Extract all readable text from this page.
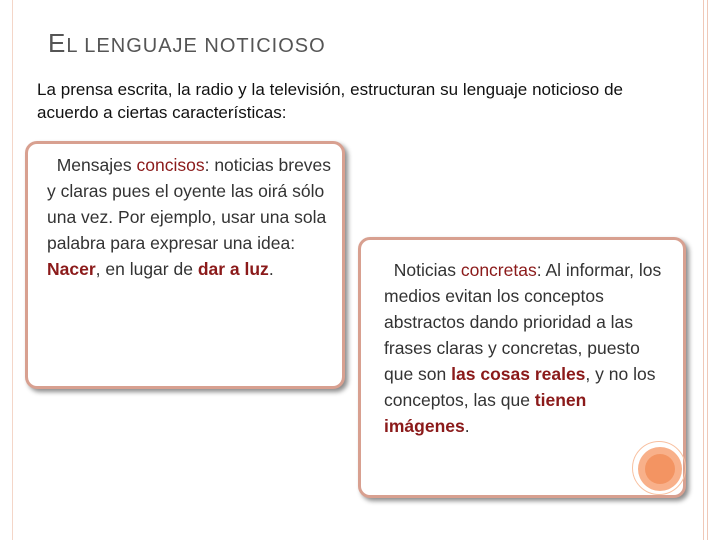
EL LENGUAJE NOTICIOSO
La prensa escrita, la radio y la televisión, estructuran su lenguaje noticioso de acuerdo a ciertas características:
Mensajes concisos: noticias breves y claras pues el oyente las oirá sólo una vez. Por ejemplo, usar una sola palabra para expresar una idea: Nacer, en lugar de dar a luz.	Noticias concretas: Al informar, los medios evitan los conceptos abstractos dando prioridad a las frases claras y concretas, puesto que son las cosas reales, y no los conceptos, las que tienen imágenes.
